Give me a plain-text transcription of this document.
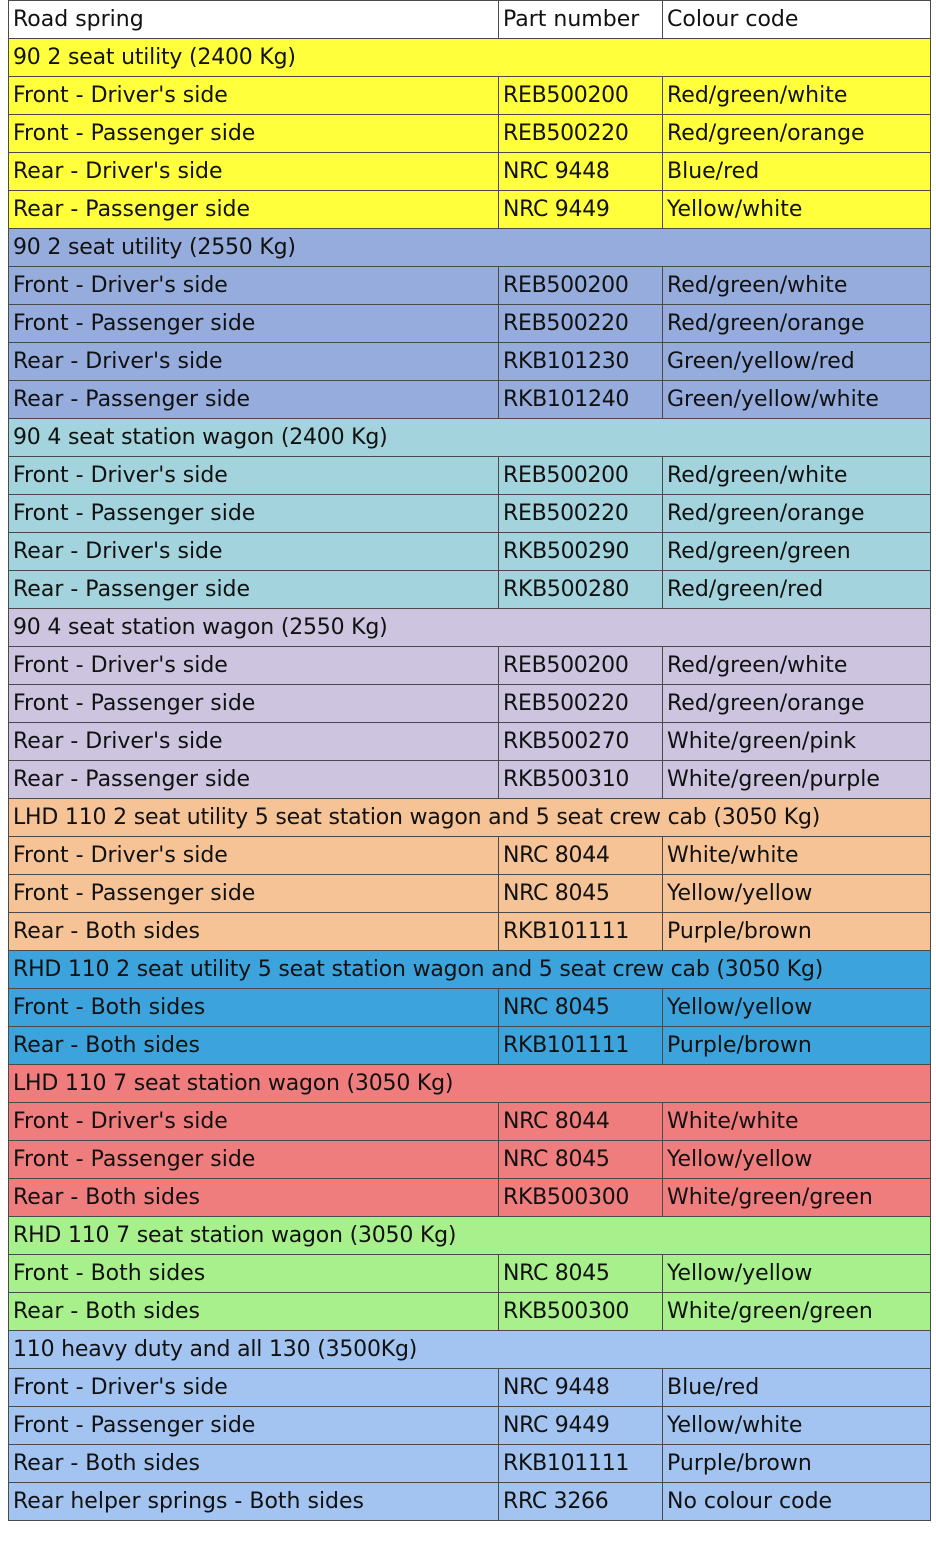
Road spring	Part number	Colour code
90 2 seat utility (2400 Kg)		
Front - Driver's side	REB500200	Red/green/white
Front - Passenger side	REB500220	Red/green/orange
Rear - Driver's side	NRC 9448	Blue/red
Rear - Passenger side	NRC 9449	Yellow/white
90 2 seat utility (2550 Kg)		
Front - Driver's side	REB500200	Red/green/white
Front - Passenger side	REB500220	Red/green/orange
Rear - Driver's side	RKB101230	Green/yellow/red
Rear - Passenger side	RKB101240	Green/yellow/white
90 4 seat station wagon (2400 Kg)		
Front - Driver's side	REB500200	Red/green/white
Front - Passenger side	REB500220	Red/green/orange
Rear - Driver's side	RKB500290	Red/green/green
Rear - Passenger side	RKB500280	Red/green/red
90 4 seat station wagon (2550 Kg)		
Front - Driver's side	REB500200	Red/green/white
Front - Passenger side	REB500220	Red/green/orange
Rear - Driver's side	RKB500270	White/green/pink
Rear - Passenger side	RKB500310	White/green/purple
LHD 110 2 seat utility 5 seat station wagon and 5 seat crew cab (3050 Kg)		
Front - Driver's side	NRC 8044	White/white
Front - Passenger side	NRC 8045	Yellow/yellow
Rear - Both sides	RKB101111	Purple/brown
RHD 110 2 seat utility 5 seat station wagon and 5 seat crew cab (3050 Kg)		
Front - Both sides	NRC 8045	Yellow/yellow
Rear - Both sides	RKB101111	Purple/brown
LHD 110 7 seat station wagon (3050 Kg)		
Front - Driver's side	NRC 8044	White/white
Front - Passenger side	NRC 8045	Yellow/yellow
Rear - Both sides	RKB500300	White/green/green
RHD 110 7 seat station wagon (3050 Kg)		
Front - Both sides	NRC 8045	Yellow/yellow
Rear - Both sides	RKB500300	White/green/green
110 heavy duty and all 130 (3500Kg)		
Front - Driver's side	NRC 9448	Blue/red
Front - Passenger side	NRC 9449	Yellow/white
Rear - Both sides	RKB101111	Purple/brown
Rear helper springs - Both sides	RRC 3266	No colour code
